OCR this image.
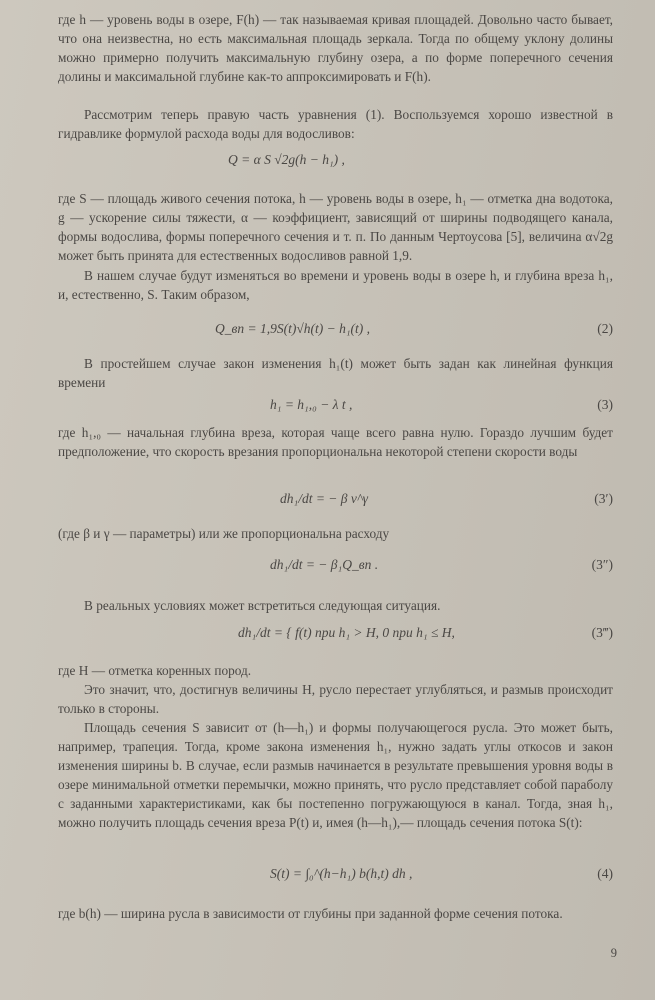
где h — уровень воды в озере, F(h) — так называемая кривая площадей. Довольно часто бывает, что она неизвестна, но есть максимальная площадь зеркала. Тогда по общему уклону долины можно примерно получить максимальную глубину озера, а по форме поперечного сечения долины и максимальной глубине как-то аппроксимировать и F(h).

Рассмотрим теперь правую часть уравнения (1). Воспользуемся хорошо известной в гидравлике формулой расхода воды для водосливов:

Q = α S √2g(h − h₁) ,

где S — площадь живого сечения потока, h — уровень воды в озере, h₁ — отметка дна водотока, g — ускорение силы тяжести, α — коэффициент, зависящий от ширины подводящего канала, формы водослива, формы поперечного сечения и т. п. По данным Чертоусова [5], величина α√2g может быть принята для естественных водосливов равной 1,9.

В нашем случае будут изменяться во времени и уровень воды в озере h, и глубина вреза h₁, и, естественно, S. Таким образом,

Q_вп = 1,9S(t)√h(t) − h₁(t) ,	(2)

В простейшем случае закон изменения h₁(t) может быть задан как линейная функция времени

h₁ = h₁,₀ − λ t ,	(3)

где h₁,₀ — начальная глубина вреза, которая чаще всего равна нулю. Гораздо лучшим будет предположение, что скорость врезания пропорциональна некоторой степени скорости воды

dh₁/dt = − β v^γ	(3′)

(где β и γ — параметры) или же пропорциональна расходу

dh₁/dt = − β₁Q_вп .	(3″)

В реальных условиях может встретиться следующая ситуация.

dh₁/dt = { f(t) при h₁ > H, 0 при h₁ ≤ H,	(3‴)

где H — отметка коренных пород.

Это значит, что, достигнув величины H, русло перестает углубляться, и размыв происходит только в стороны.

Площадь сечения S зависит от (h—h₁) и формы получающегося русла. Это может быть, например, трапеция. Тогда, кроме закона изменения h₁, нужно задать углы откосов и закон изменения ширины b. В случае, если размыв начинается в результате превышения уровня воды в озере минимальной отметки перемычки, можно принять, что русло представляет собой параболу с заданными характеристиками, как бы постепенно погружающуюся в канал. Тогда, зная h₁, можно получить площадь сечения вреза P(t) и, имея (h—h₁),— площадь сечения потока S(t):

S(t) = ∫₀^(h−h₁) b(h,t) dh ,	(4)

где b(h) — ширина русла в зависимости от глубины при заданной форме сечения потока.

9
